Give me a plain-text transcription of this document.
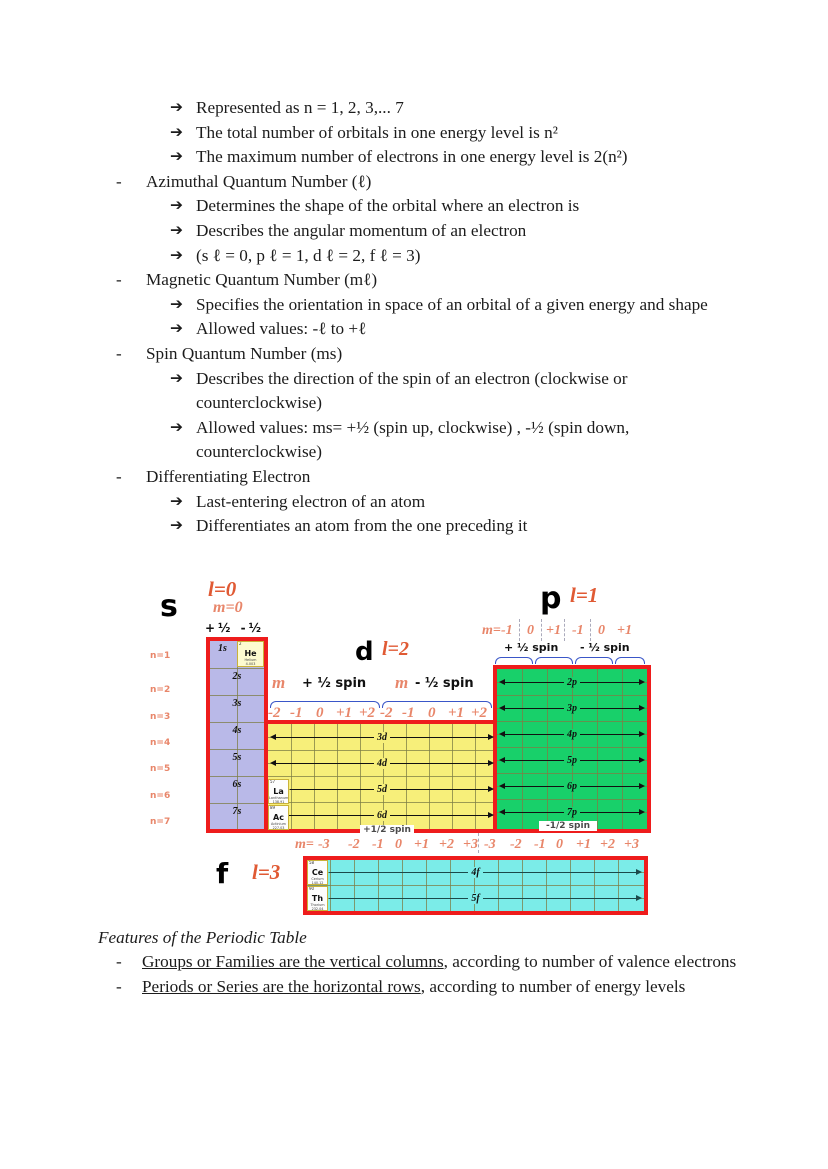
➔ Represented as n = 1, 2, 3,... 7
➔ The total number of orbitals in one energy level is n²
➔ The maximum number of electrons in one energy level is 2(n²)
-	Azimuthal Quantum Number (ℓ)
➔ Determines the shape of the orbital where an electron is
➔ Describes the angular momentum of an electron
➔ (s ℓ = 0, p ℓ = 1, d ℓ = 2, f ℓ = 3)
-	Magnetic Quantum Number (mℓ)
➔ Specifies the orientation in space of an orbital of a given energy and shape
➔ Allowed values: -ℓ to +ℓ
-	Spin Quantum Number (ms)
➔ Describes the direction of the spin of an electron (clockwise or counterclockwise)
➔ Allowed values: ms= +½ (spin up, clockwise) , -½ (spin down, counterclockwise)
-	Differentiating Electron
➔ Last-entering electron of an atom
➔ Differentiates an atom from the one preceding it
s l=0
m=0
+½ -½
n=1
n=2
n=3
n=4
n=5
n=6
n=7
1s
2s
3s
4s
5s
6s
7s
2
He
Helium
4.003	d l=2
m + ½ spin m - ½ spin
-2 -1 0 +1 +2 -2 -1 0 +1 +2
3d
4d
5d
6d
57
La
Lanthanum
138.91
89
Ac
Actinium
227.03	+1/2 spin
p l=1
m= -1 0 +1 -1 0 +1
+ ½ spin - ½ spin
2p
3p
4p
5p
6p
7p
-1/2 spin
f l=3
m= -3 -2 -1 0 +1 +2 +3 -3 -2 -1 0 +1 +2 +3
4f
5f
58
Ce
Cerium
140.12
90
Th
Thorium
232.04
Features of the Periodic Table
-	Groups or Families are the vertical columns, according to number of valence electrons
-	Periods or Series are the horizontal rows, according to number of energy levels
